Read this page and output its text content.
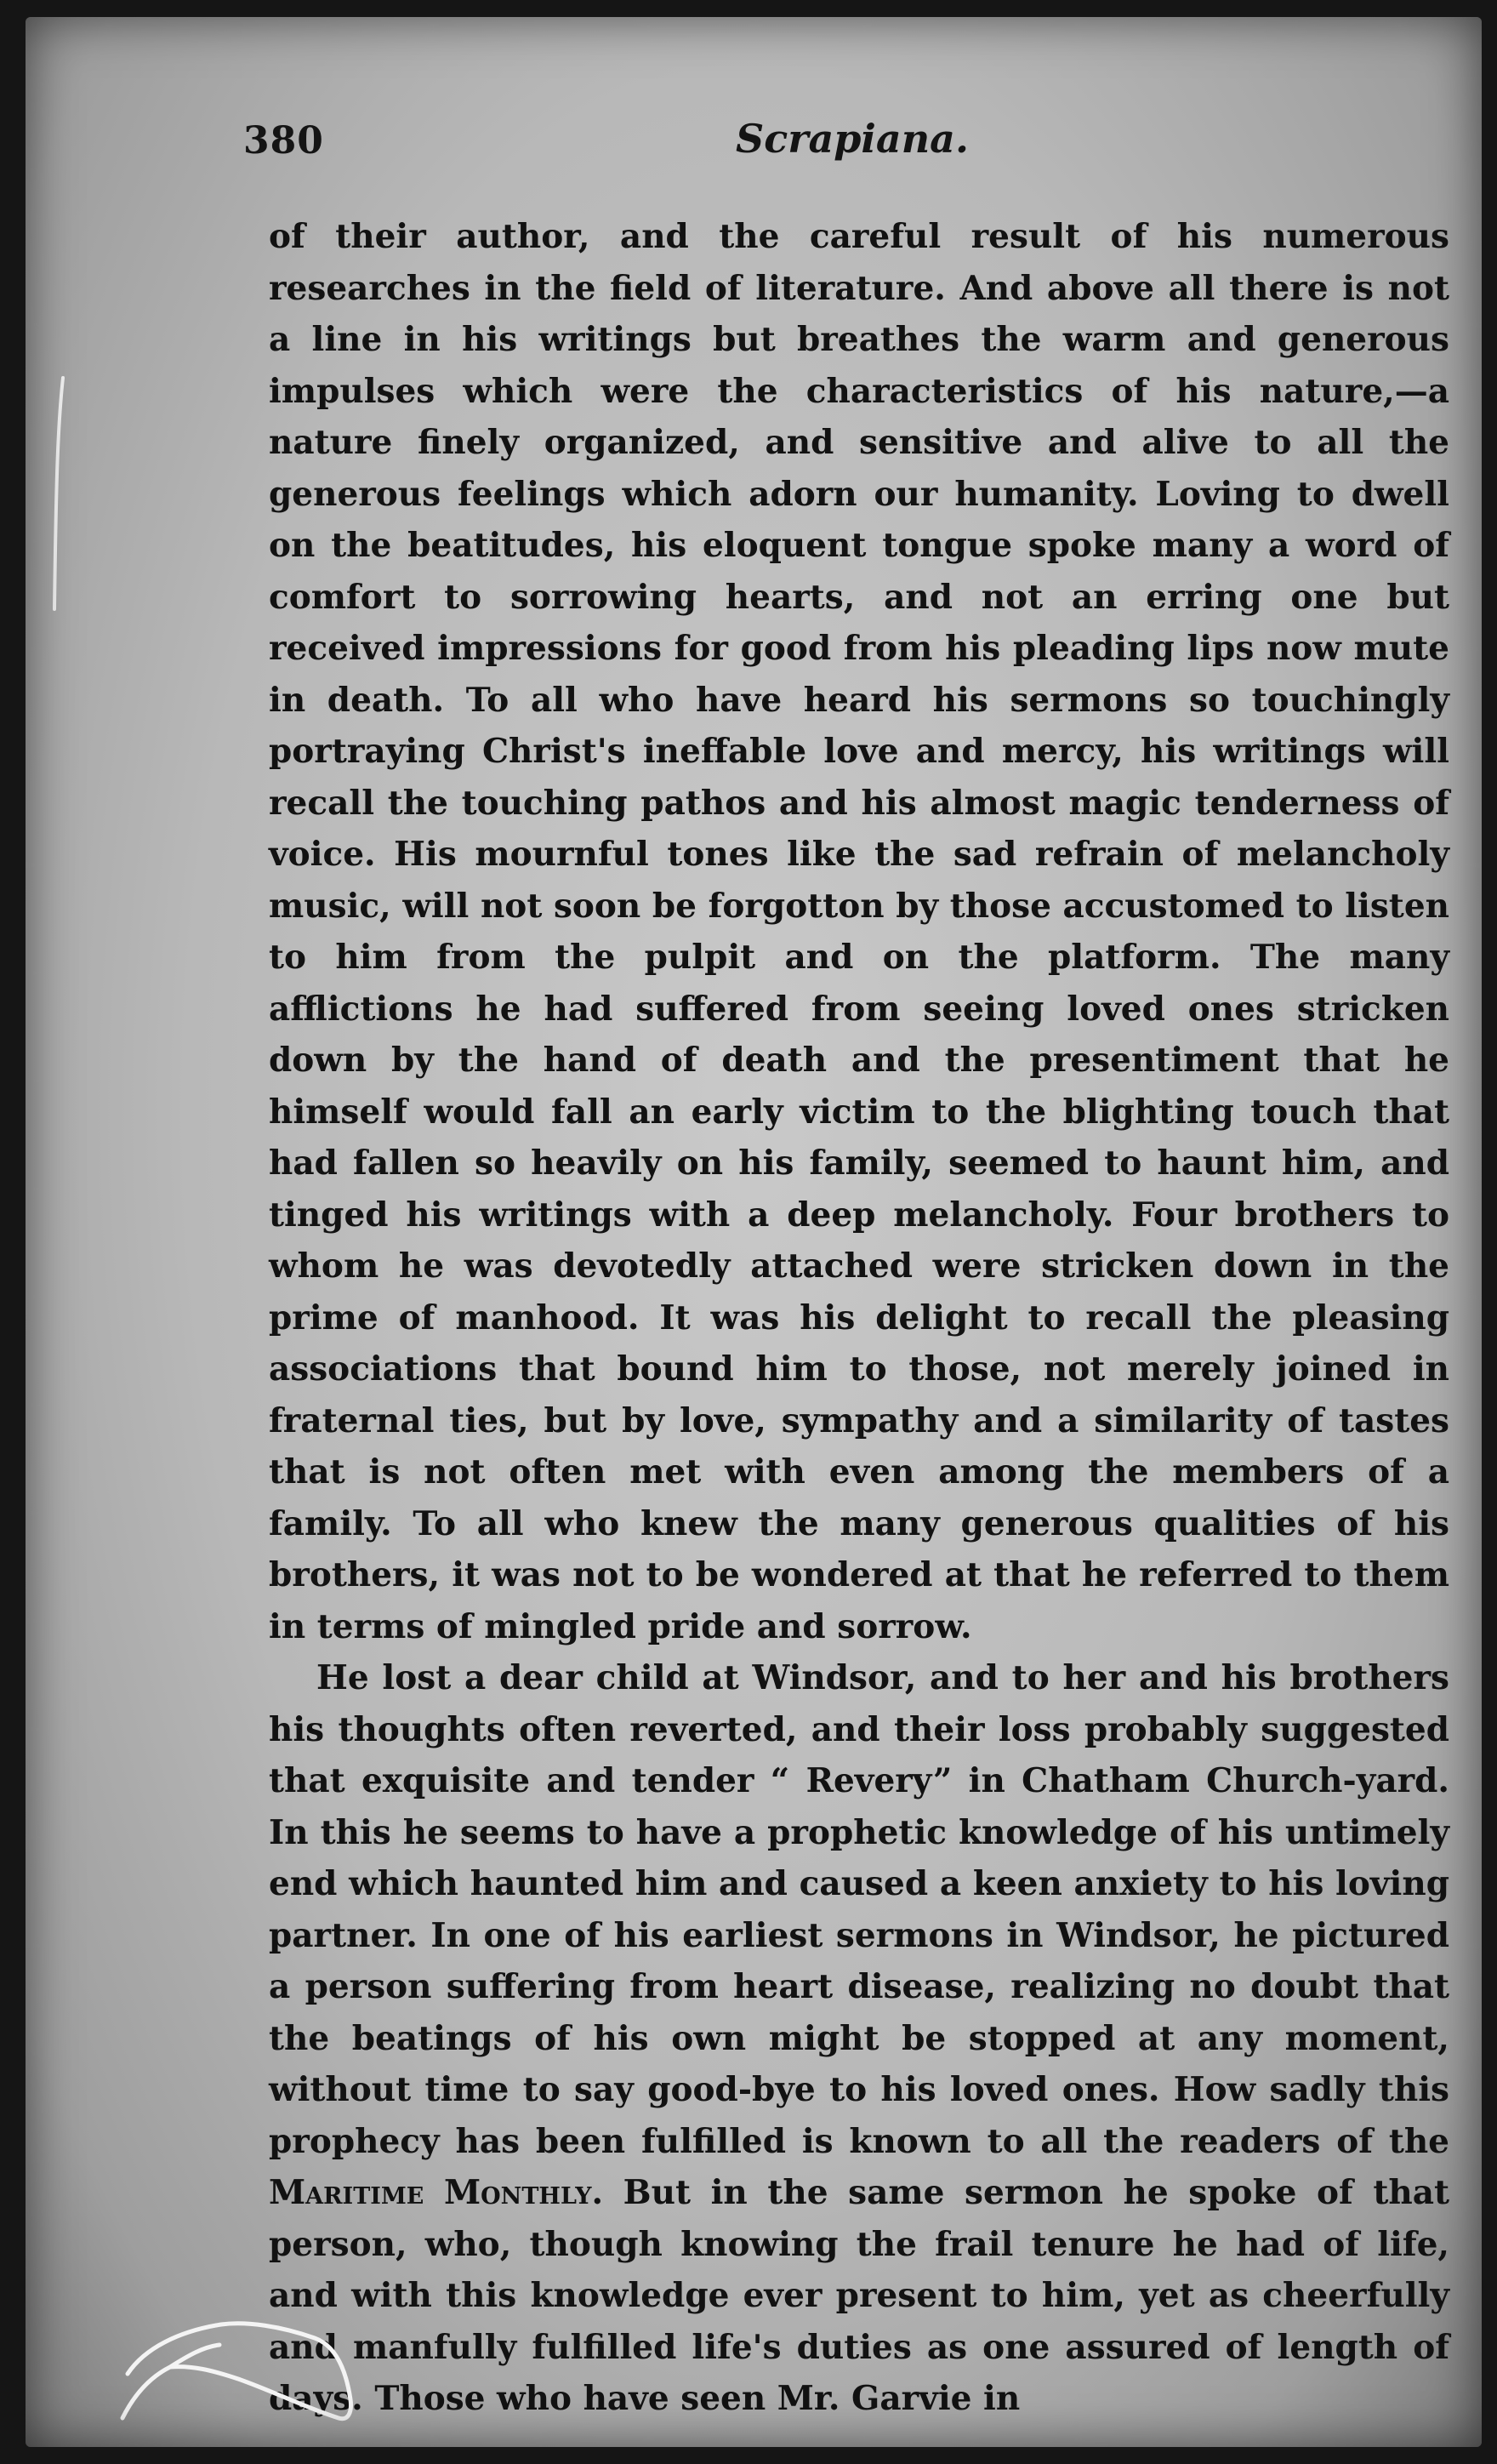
380	Scrapiana.

of their author, and the careful result of his numerous researches in the field of literature. And above all there is not a line in his writings but breathes the warm and generous impulses which were the characteristics of his nature,—a nature finely organized, and sensitive and alive to all the generous feelings which adorn our humanity. Loving to dwell on the beatitudes, his eloquent tongue spoke many a word of comfort to sorrowing hearts, and not an erring one but received impressions for good from his pleading lips now mute in death. To all who have heard his sermons so touchingly portraying Christ's ineffable love and mercy, his writings will recall the touching pathos and his almost magic tenderness of voice. His mournful tones like the sad refrain of melancholy music, will not soon be forgotton by those accustomed to listen to him from the pulpit and on the platform. The many afflictions he had suffered from seeing loved ones stricken down by the hand of death and the presentiment that he himself would fall an early victim to the blighting touch that had fallen so heavily on his family, seemed to haunt him, and tinged his writings with a deep melancholy. Four brothers to whom he was devotedly attached were stricken down in the prime of manhood. It was his delight to recall the pleasing associations that bound him to those, not merely joined in fraternal ties, but by love, sympathy and a similarity of tastes that is not often met with even among the members of a family. To all who knew the many generous qualities of his brothers, it was not to be wondered at that he referred to them in terms of mingled pride and sorrow.

He lost a dear child at Windsor, and to her and his brothers his thoughts often reverted, and their loss probably suggested that exquisite and tender “ Revery” in Chatham Church-yard. In this he seems to have a prophetic knowledge of his untimely end which haunted him and caused a keen anxiety to his loving partner. In one of his earliest sermons in Windsor, he pictured a person suffering from heart disease, realizing no doubt that the beatings of his own might be stopped at any moment, without time to say good-bye to his loved ones. How sadly this prophecy has been fulfilled is known to all the readers of the Maritime Monthly. But in the same sermon he spoke of that person, who, though knowing the frail tenure he had of life, and with this knowledge ever present to him, yet as cheerfully and manfully fulfilled life's duties as one assured of length of days. Those who have seen Mr. Garvie in
